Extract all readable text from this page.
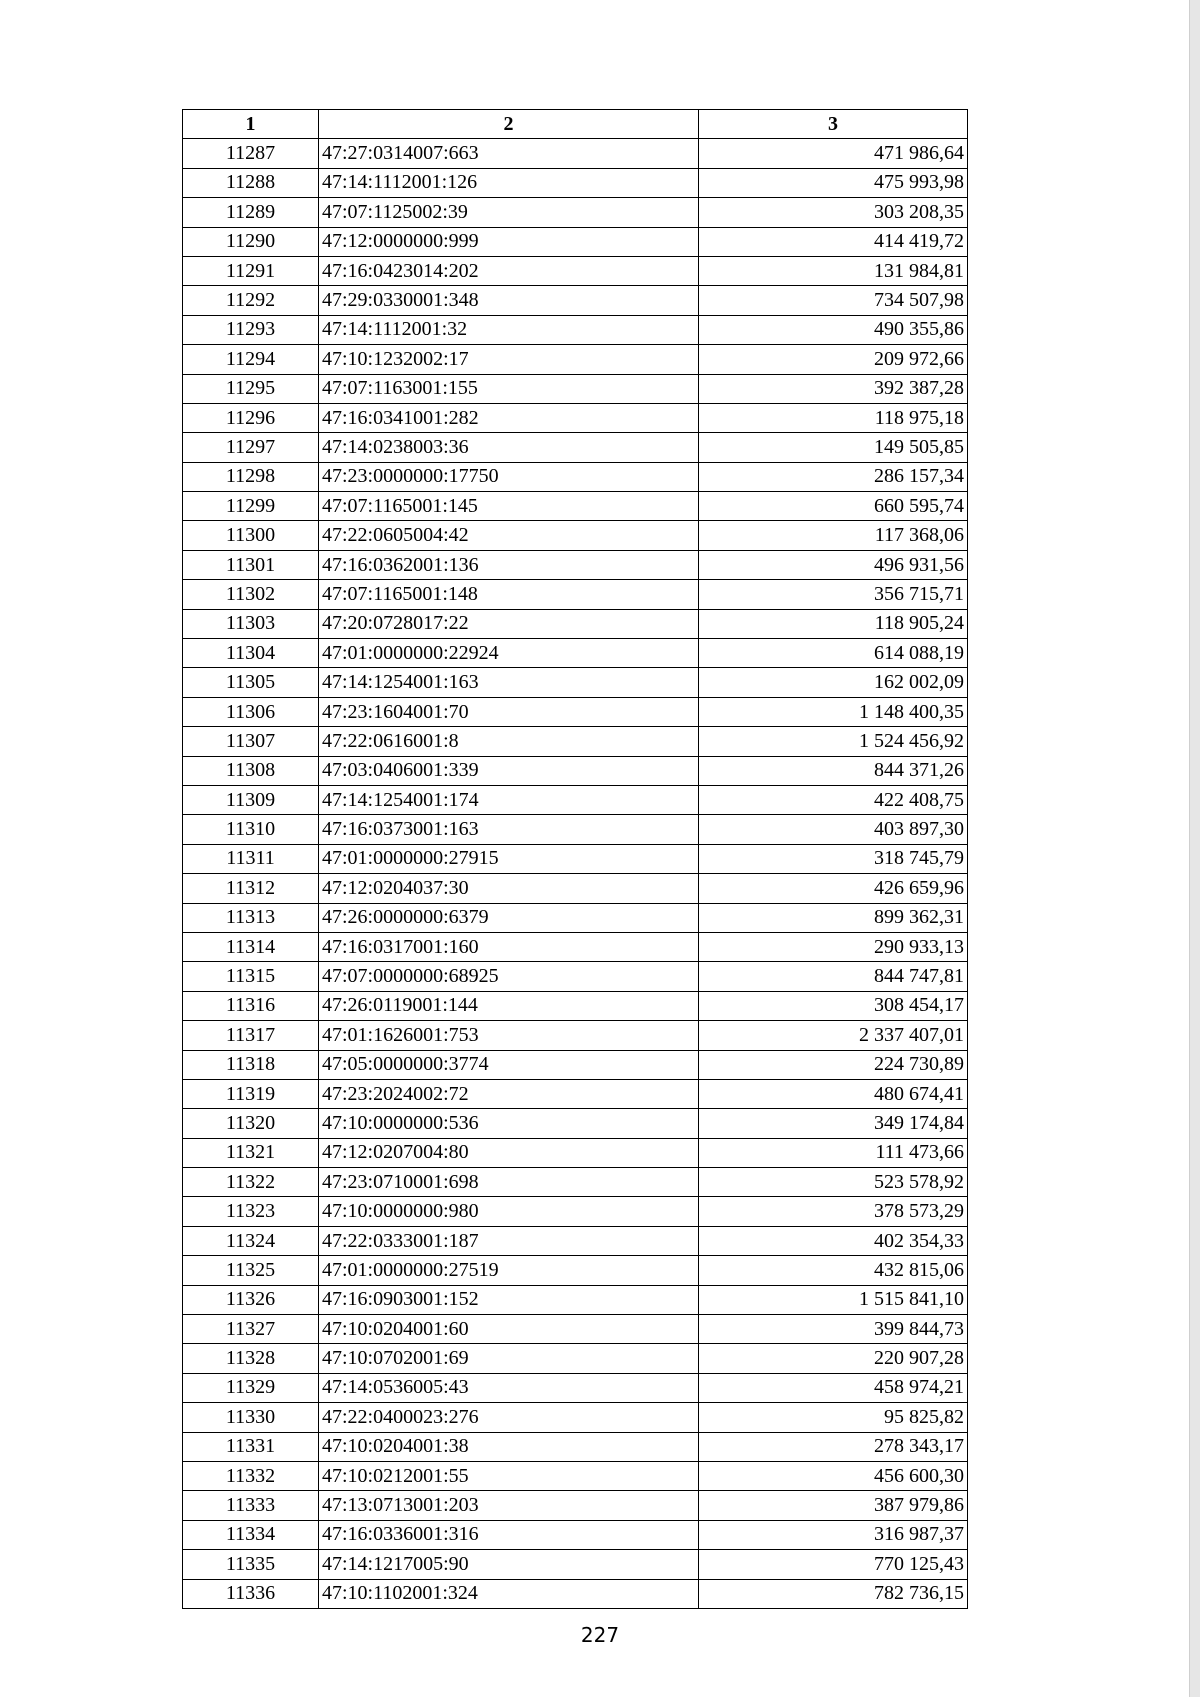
1	2	3
11287	47:27:0314007:663	471 986,64
11288	47:14:1112001:126	475 993,98
11289	47:07:1125002:39	303 208,35
11290	47:12:0000000:999	414 419,72
11291	47:16:0423014:202	131 984,81
11292	47:29:0330001:348	734 507,98
11293	47:14:1112001:32	490 355,86
11294	47:10:1232002:17	209 972,66
11295	47:07:1163001:155	392 387,28
11296	47:16:0341001:282	118 975,18
11297	47:14:0238003:36	149 505,85
11298	47:23:0000000:17750	286 157,34
11299	47:07:1165001:145	660 595,74
11300	47:22:0605004:42	117 368,06
11301	47:16:0362001:136	496 931,56
11302	47:07:1165001:148	356 715,71
11303	47:20:0728017:22	118 905,24
11304	47:01:0000000:22924	614 088,19
11305	47:14:1254001:163	162 002,09
11306	47:23:1604001:70	1 148 400,35
11307	47:22:0616001:8	1 524 456,92
11308	47:03:0406001:339	844 371,26
11309	47:14:1254001:174	422 408,75
11310	47:16:0373001:163	403 897,30
11311	47:01:0000000:27915	318 745,79
11312	47:12:0204037:30	426 659,96
11313	47:26:0000000:6379	899 362,31
11314	47:16:0317001:160	290 933,13
11315	47:07:0000000:68925	844 747,81
11316	47:26:0119001:144	308 454,17
11317	47:01:1626001:753	2 337 407,01
11318	47:05:0000000:3774	224 730,89
11319	47:23:2024002:72	480 674,41
11320	47:10:0000000:536	349 174,84
11321	47:12:0207004:80	111 473,66
11322	47:23:0710001:698	523 578,92
11323	47:10:0000000:980	378 573,29
11324	47:22:0333001:187	402 354,33
11325	47:01:0000000:27519	432 815,06
11326	47:16:0903001:152	1 515 841,10
11327	47:10:0204001:60	399 844,73
11328	47:10:0702001:69	220 907,28
11329	47:14:0536005:43	458 974,21
11330	47:22:0400023:276	95 825,82
11331	47:10:0204001:38	278 343,17
11332	47:10:0212001:55	456 600,30
11333	47:13:0713001:203	387 979,86
11334	47:16:0336001:316	316 987,37
11335	47:14:1217005:90	770 125,43
11336	47:10:1102001:324	782 736,15
227
